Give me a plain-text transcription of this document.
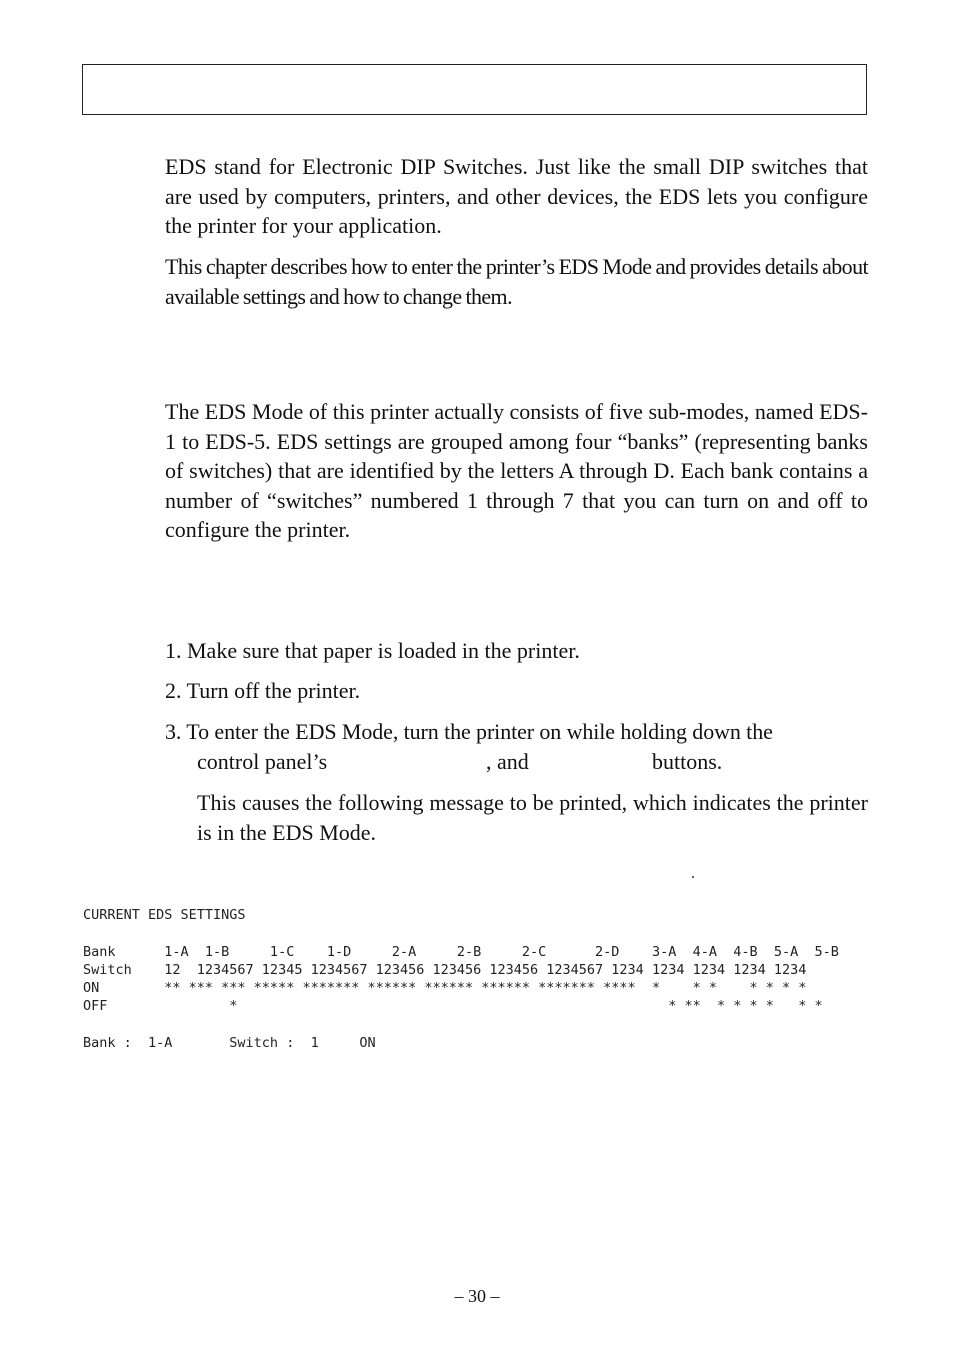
EDS stand for Electronic DIP Switches. Just like the small DIP switches that are used by computers, printers, and other devices, the EDS lets you configure the printer for your application.

This chapter describes how to enter the printer’s EDS Mode and provides details about available settings and how to change them.

The EDS Mode of this printer actually consists of five sub-modes, named EDS-1 to EDS-5. EDS settings are grouped among four “banks” (representing banks of switches) that are identified by the letters A through D. Each bank contains a number of “switches” numbered 1 through 7 that you can turn on and off to configure the printer.

1. Make sure that paper is loaded in the printer.

2. Turn off the printer.

3. To enter the EDS Mode, turn the printer on while holding down the

control panel’s	, and	buttons.

This causes the following message to be printed, which indicates the printer is in the EDS Mode.

CURRENT EDS SETTINGS
Bank      1-A  1-B     1-C    1-D     2-A     2-B     2-C      2-D    3-A  4-A  4-B  5-A  5-B
Switch    12  1234567 12345 1234567 123456 123456 123456 1234567 1234 1234 1234 1234 1234
ON        ** *** *** ***** ******* ****** ****** ****** ******* ****  *    * *    * * * *
OFF               *                                                     * **  * * * *   * *
Bank :  1-A       Switch :  1     ON
– 30 –
